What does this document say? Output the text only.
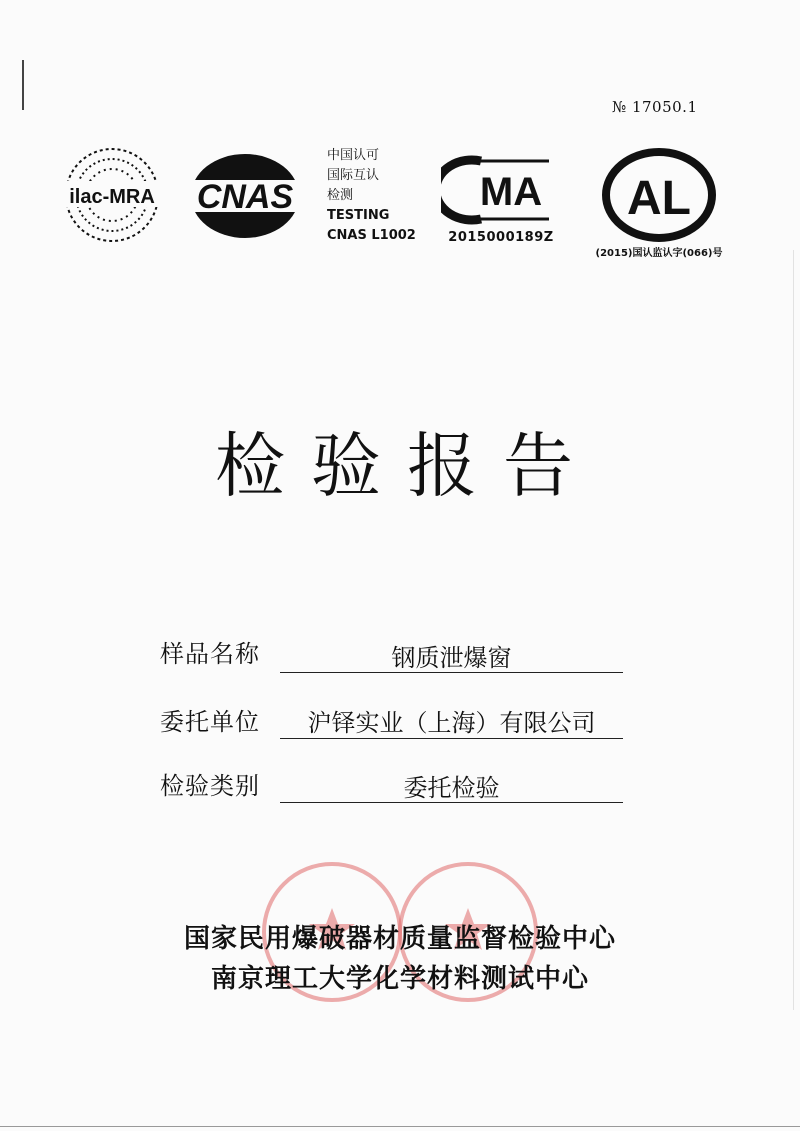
№ 17050.1
ilac-MRA CNAS
中国认可
国际互认
检测
TESTING
CNAS L1002
MA
2015000189Z
AL
(2015)国认监认字(066)号
检验报告
样品名称	钢质泄爆窗
委托单位	沪铎实业（上海）有限公司
检验类别	委托检验
国家民用爆破器材质量监督检验中心
南京理工大学化学材料测试中心
